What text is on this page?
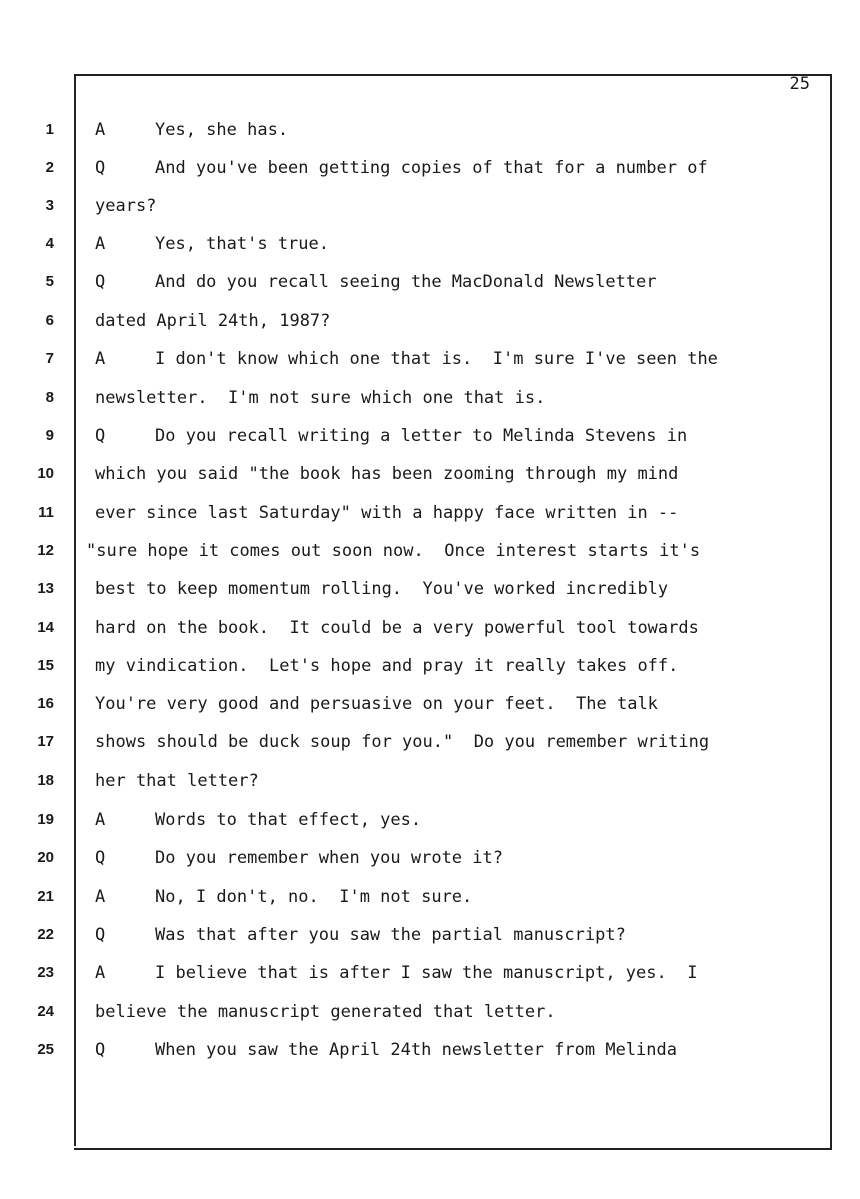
25
1 A	Yes, she has.
2 Q	And you've been getting copies of that for a number of
3 years?
4 A	Yes, that's true.
5 Q	And do you recall seeing the MacDonald Newsletter
6 dated April 24th, 1987?
7 A	I don't know which one that is.  I'm sure I've seen the
8 newsletter.  I'm not sure which one that is.
9 Q	Do you recall writing a letter to Melinda Stevens in
10 which you said "the book has been zooming through my mind
11 ever since last Saturday" with a happy face written in --
12 "sure hope it comes out soon now.  Once interest starts it's
13 best to keep momentum rolling.  You've worked incredibly
14 hard on the book.  It could be a very powerful tool towards
15 my vindication.  Let's hope and pray it really takes off.
16 You're very good and persuasive on your feet.  The talk
17 shows should be duck soup for you."  Do you remember writing
18 her that letter?
19 A	Words to that effect, yes.
20 Q	Do you remember when you wrote it?
21 A	No, I don't, no.  I'm not sure.
22 Q	Was that after you saw the partial manuscript?
23 A	I believe that is after I saw the manuscript, yes.  I
24 believe the manuscript generated that letter.
25 Q	When you saw the April 24th newsletter from Melinda
